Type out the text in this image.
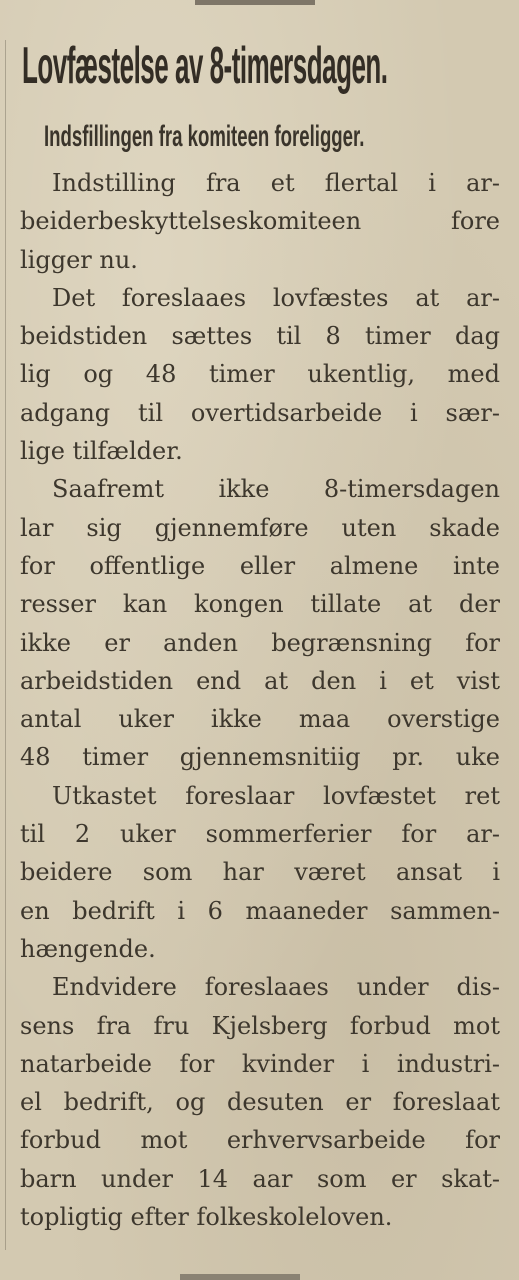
Lovfæstelse av 8-timersdagen.
Indsfillingen fra komiteen foreligger.
Indstilling fra et flertal i ar-
beiderbeskyttelseskomiteen fore
ligger nu.
Det foreslaaes lovfæstes at ar-
beidstiden sættes til 8 timer dag
lig og 48 timer ukentlig, med
adgang til overtidsarbeide i sær-
lige tilfælder.
Saafremt ikke 8-timersdagen
lar sig gjennemføre uten skade
for offentlige eller almene inte
resser kan kongen tillate at der
ikke er anden begrænsning for
arbeidstiden end at den i et vist
antal uker ikke maa overstige
48 timer gjennemsnitiig pr. uke
Utkastet foreslaar lovfæstet ret
til 2 uker sommerferier for ar-
beidere som har været ansat i
en bedrift i 6 maaneder sammen-
hængende.
Endvidere foreslaaes under dis-
sens fra fru Kjelsberg forbud mot
natarbeide for kvinder i industri-
el bedrift, og desuten er foreslaat
forbud mot erhvervsarbeide for
barn under 14 aar som er skat-
topligtig efter folkeskoleloven.
